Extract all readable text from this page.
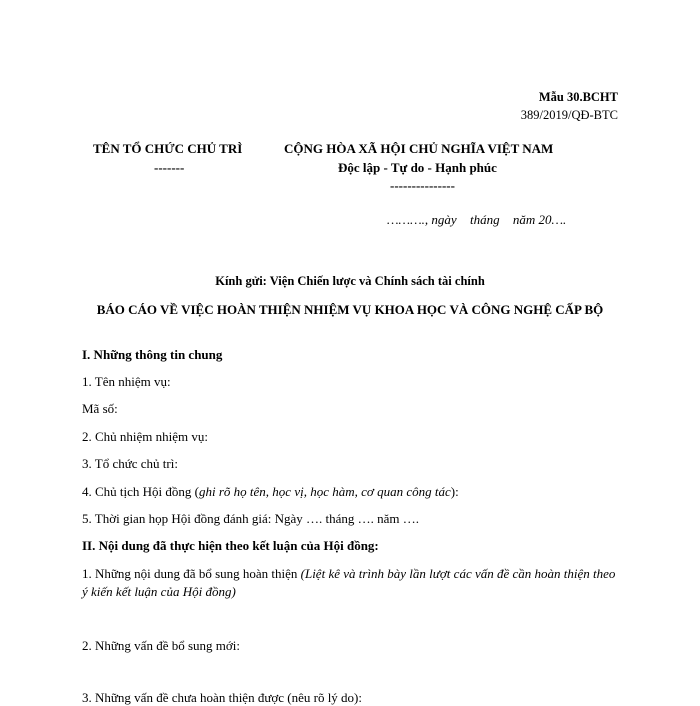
Mẫu 30.BCHT
389/2019/QĐ-BTC
TÊN TỔ CHỨC CHỦ TRÌ
-------
CỘNG HÒA XÃ HỘI CHỦ NGHĨA VIỆT NAM
Độc lập - Tự do - Hạnh phúc
---------------
………., ngày tháng năm 20….
Kính gửi: Viện Chiến lược và Chính sách tài chính
BÁO CÁO VỀ VIỆC HOÀN THIỆN NHIỆM VỤ KHOA HỌC VÀ CÔNG NGHỆ CẤP BỘ
I. Những thông tin chung
1. Tên nhiệm vụ:
Mã số:
2. Chủ nhiệm nhiệm vụ:
3. Tổ chức chủ trì:
4. Chủ tịch Hội đồng (ghi rõ họ tên, học vị, học hàm, cơ quan công tác):
5. Thời gian họp Hội đồng đánh giá: Ngày …. tháng …. năm ….
II. Nội dung đã thực hiện theo kết luận của Hội đồng:
1. Những nội dung đã bổ sung hoàn thiện (Liệt kê và trình bày lần lượt các vấn đề cần hoàn thiện theo ý kiến kết luận của Hội đồng)
2. Những vấn đề bổ sung mới:
3. Những vấn đề chưa hoàn thiện được (nêu rõ lý do):
